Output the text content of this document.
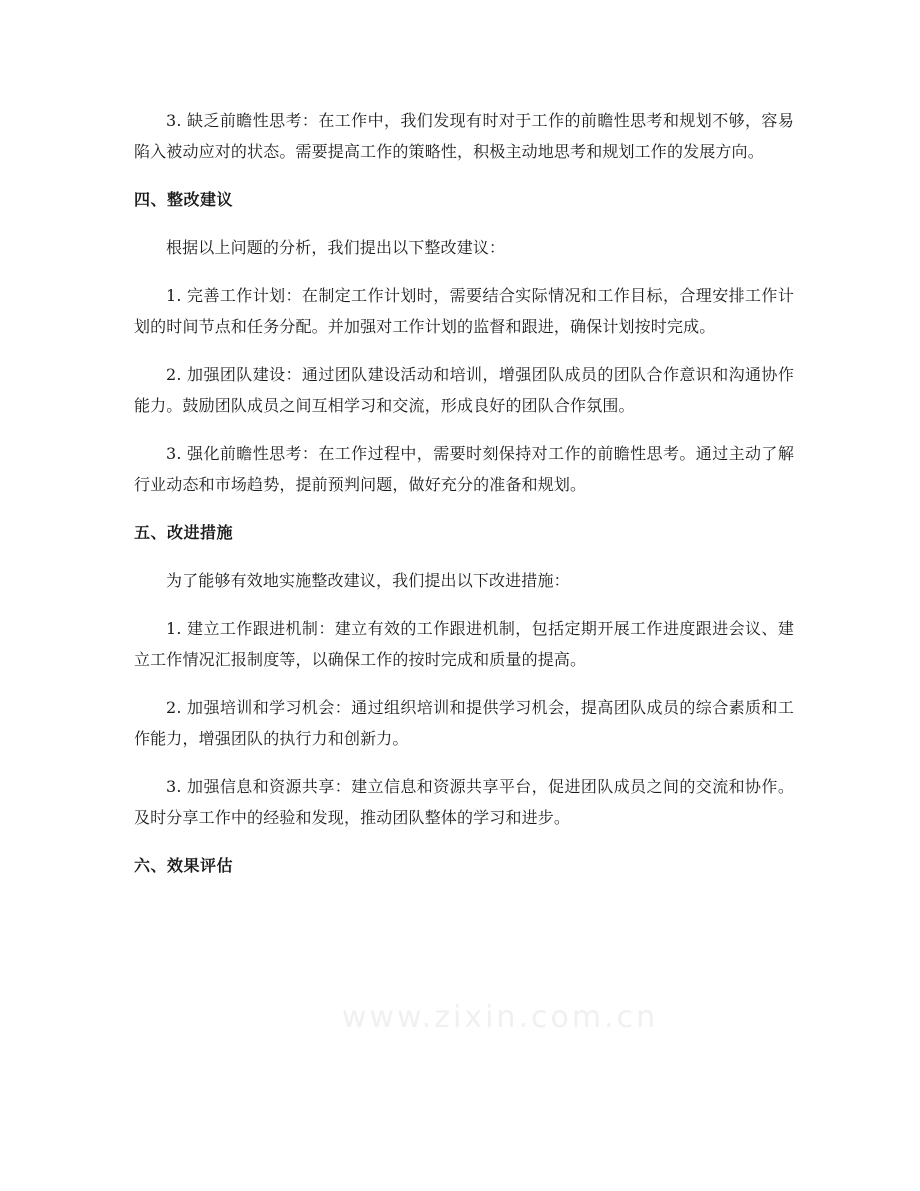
3. 缺乏前瞻性思考：在工作中，我们发现有时对于工作的前瞻性思考和规划不够，容易陷入被动应对的状态。需要提高工作的策略性，积极主动地思考和规划工作的发展方向。

四、整改建议

根据以上问题的分析，我们提出以下整改建议：

1. 完善工作计划：在制定工作计划时，需要结合实际情况和工作目标，合理安排工作计划的时间节点和任务分配。并加强对工作计划的监督和跟进，确保计划按时完成。

2. 加强团队建设：通过团队建设活动和培训，增强团队成员的团队合作意识和沟通协作能力。鼓励团队成员之间互相学习和交流，形成良好的团队合作氛围。

3. 强化前瞻性思考：在工作过程中，需要时刻保持对工作的前瞻性思考。通过主动了解行业动态和市场趋势，提前预判问题，做好充分的准备和规划。

五、改进措施

为了能够有效地实施整改建议，我们提出以下改进措施：

1. 建立工作跟进机制：建立有效的工作跟进机制，包括定期开展工作进度跟进会议、建立工作情况汇报制度等，以确保工作的按时完成和质量的提高。

2. 加强培训和学习机会：通过组织培训和提供学习机会，提高团队成员的综合素质和工作能力，增强团队的执行力和创新力。

3. 加强信息和资源共享：建立信息和资源共享平台，促进团队成员之间的交流和协作。及时分享工作中的经验和发现，推动团队整体的学习和进步。

六、效果评估
www.zixin.com.cn
